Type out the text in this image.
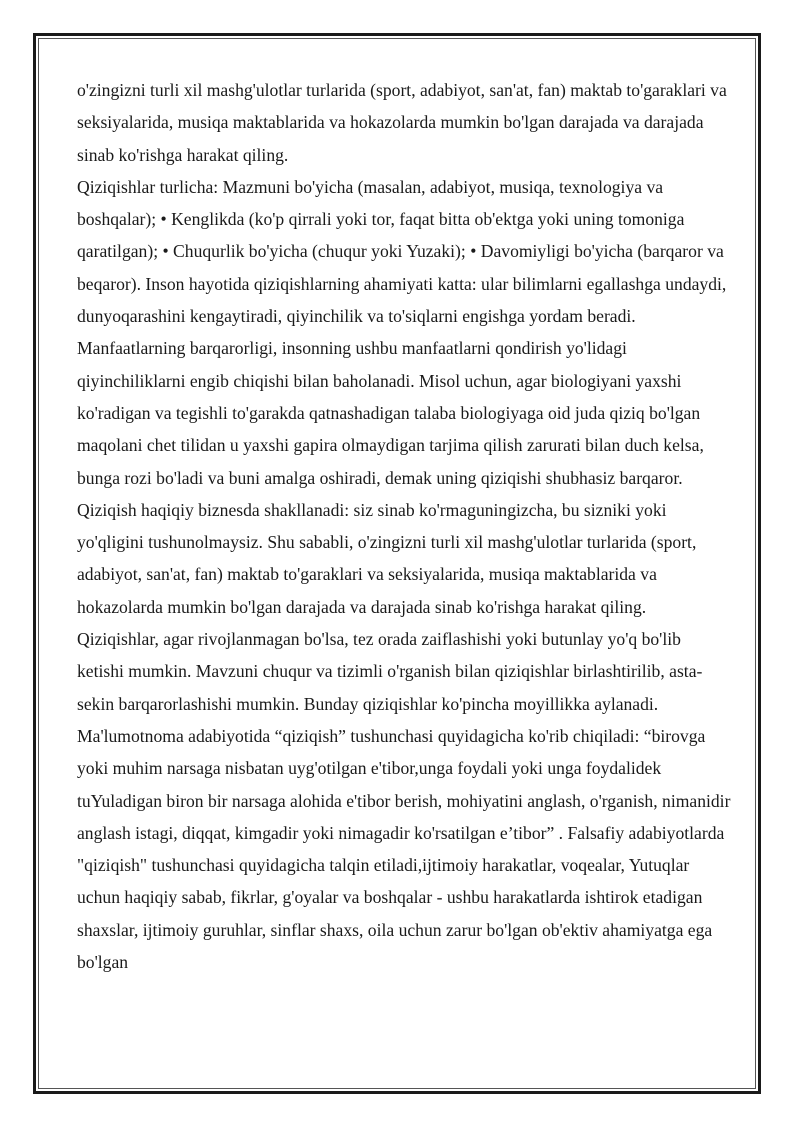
o'zingizni turli xil mashg'ulotlar turlarida (sport, adabiyot, san'at, fan) maktab to'garaklari va seksiyalarida, musiqa maktablarida va hokazolarda mumkin bo'lgan darajada va darajada sinab ko'rishga harakat qiling.

Qiziqishlar turlicha: Mazmuni bo'yicha (masalan, adabiyot, musiqa, texnologiya va boshqalar); • Kenglikda (ko'p qirrali yoki tor, faqat bitta ob'ektga yoki uning tomoniga qaratilgan); • Chuqurlik bo'yicha (chuqur yoki Yuzaki); • Davomiyligi bo'yicha (barqaror va beqaror). Inson hayotida qiziqishlarning ahamiyati katta: ular bilimlarni egallashga undaydi, dunyoqarashini kengaytiradi, qiyinchilik va to'siqlarni engishga yordam beradi. Manfaatlarning barqarorligi, insonning ushbu manfaatlarni qondirish yo'lidagi qiyinchiliklarni engib chiqishi bilan baholanadi. Misol uchun, agar biologiyani yaxshi ko'radigan va tegishli to'garakda qatnashadigan talaba biologiyaga oid juda qiziq bo'lgan maqolani chet tilidan u yaxshi gapira olmaydigan tarjima qilish zarurati bilan duch kelsa, bunga rozi bo'ladi va buni amalga oshiradi, demak uning qiziqishi shubhasiz barqaror. Qiziqish haqiqiy biznesda shakllanadi: siz sinab ko'rmaguningizcha, bu sizniki yoki yo'qligini tushunolmaysiz. Shu sababli, o'zingizni turli xil mashg'ulotlar turlarida (sport, adabiyot, san'at, fan) maktab to'garaklari va seksiyalarida, musiqa maktablarida va hokazolarda mumkin bo'lgan darajada va darajada sinab ko'rishga harakat qiling.

Qiziqishlar, agar rivojlanmagan bo'lsa, tez orada zaiflashishi yoki butunlay yo'q bo'lib ketishi mumkin. Mavzuni chuqur va tizimli o'rganish bilan qiziqishlar birlashtirilib, asta-sekin barqarorlashishi mumkin. Bunday qiziqishlar ko'pincha moyillikka aylanadi. Ma'lumotnoma adabiyotida “qiziqish” tushunchasi quyidagicha ko'rib chiqiladi: “birovga yoki muhim narsaga nisbatan uyg'otilgan e'tibor,unga foydali yoki unga foydalidek tuYuladigan biron bir narsaga alohida e'tibor berish, mohiyatini anglash, o'rganish, nimanidir anglash istagi, diqqat, kimgadir yoki nimagadir ko'rsatilgan e’tibor” . Falsafiy adabiyotlarda "qiziqish" tushunchasi quyidagicha talqin etiladi,ijtimoiy harakatlar, voqealar, Yutuqlar uchun haqiqiy sabab, fikrlar, g'oyalar va boshqalar - ushbu harakatlarda ishtirok etadigan shaxslar, ijtimoiy guruhlar, sinflar shaxs, oila uchun zarur bo'lgan ob'ektiv ahamiyatga ega bo'lgan
